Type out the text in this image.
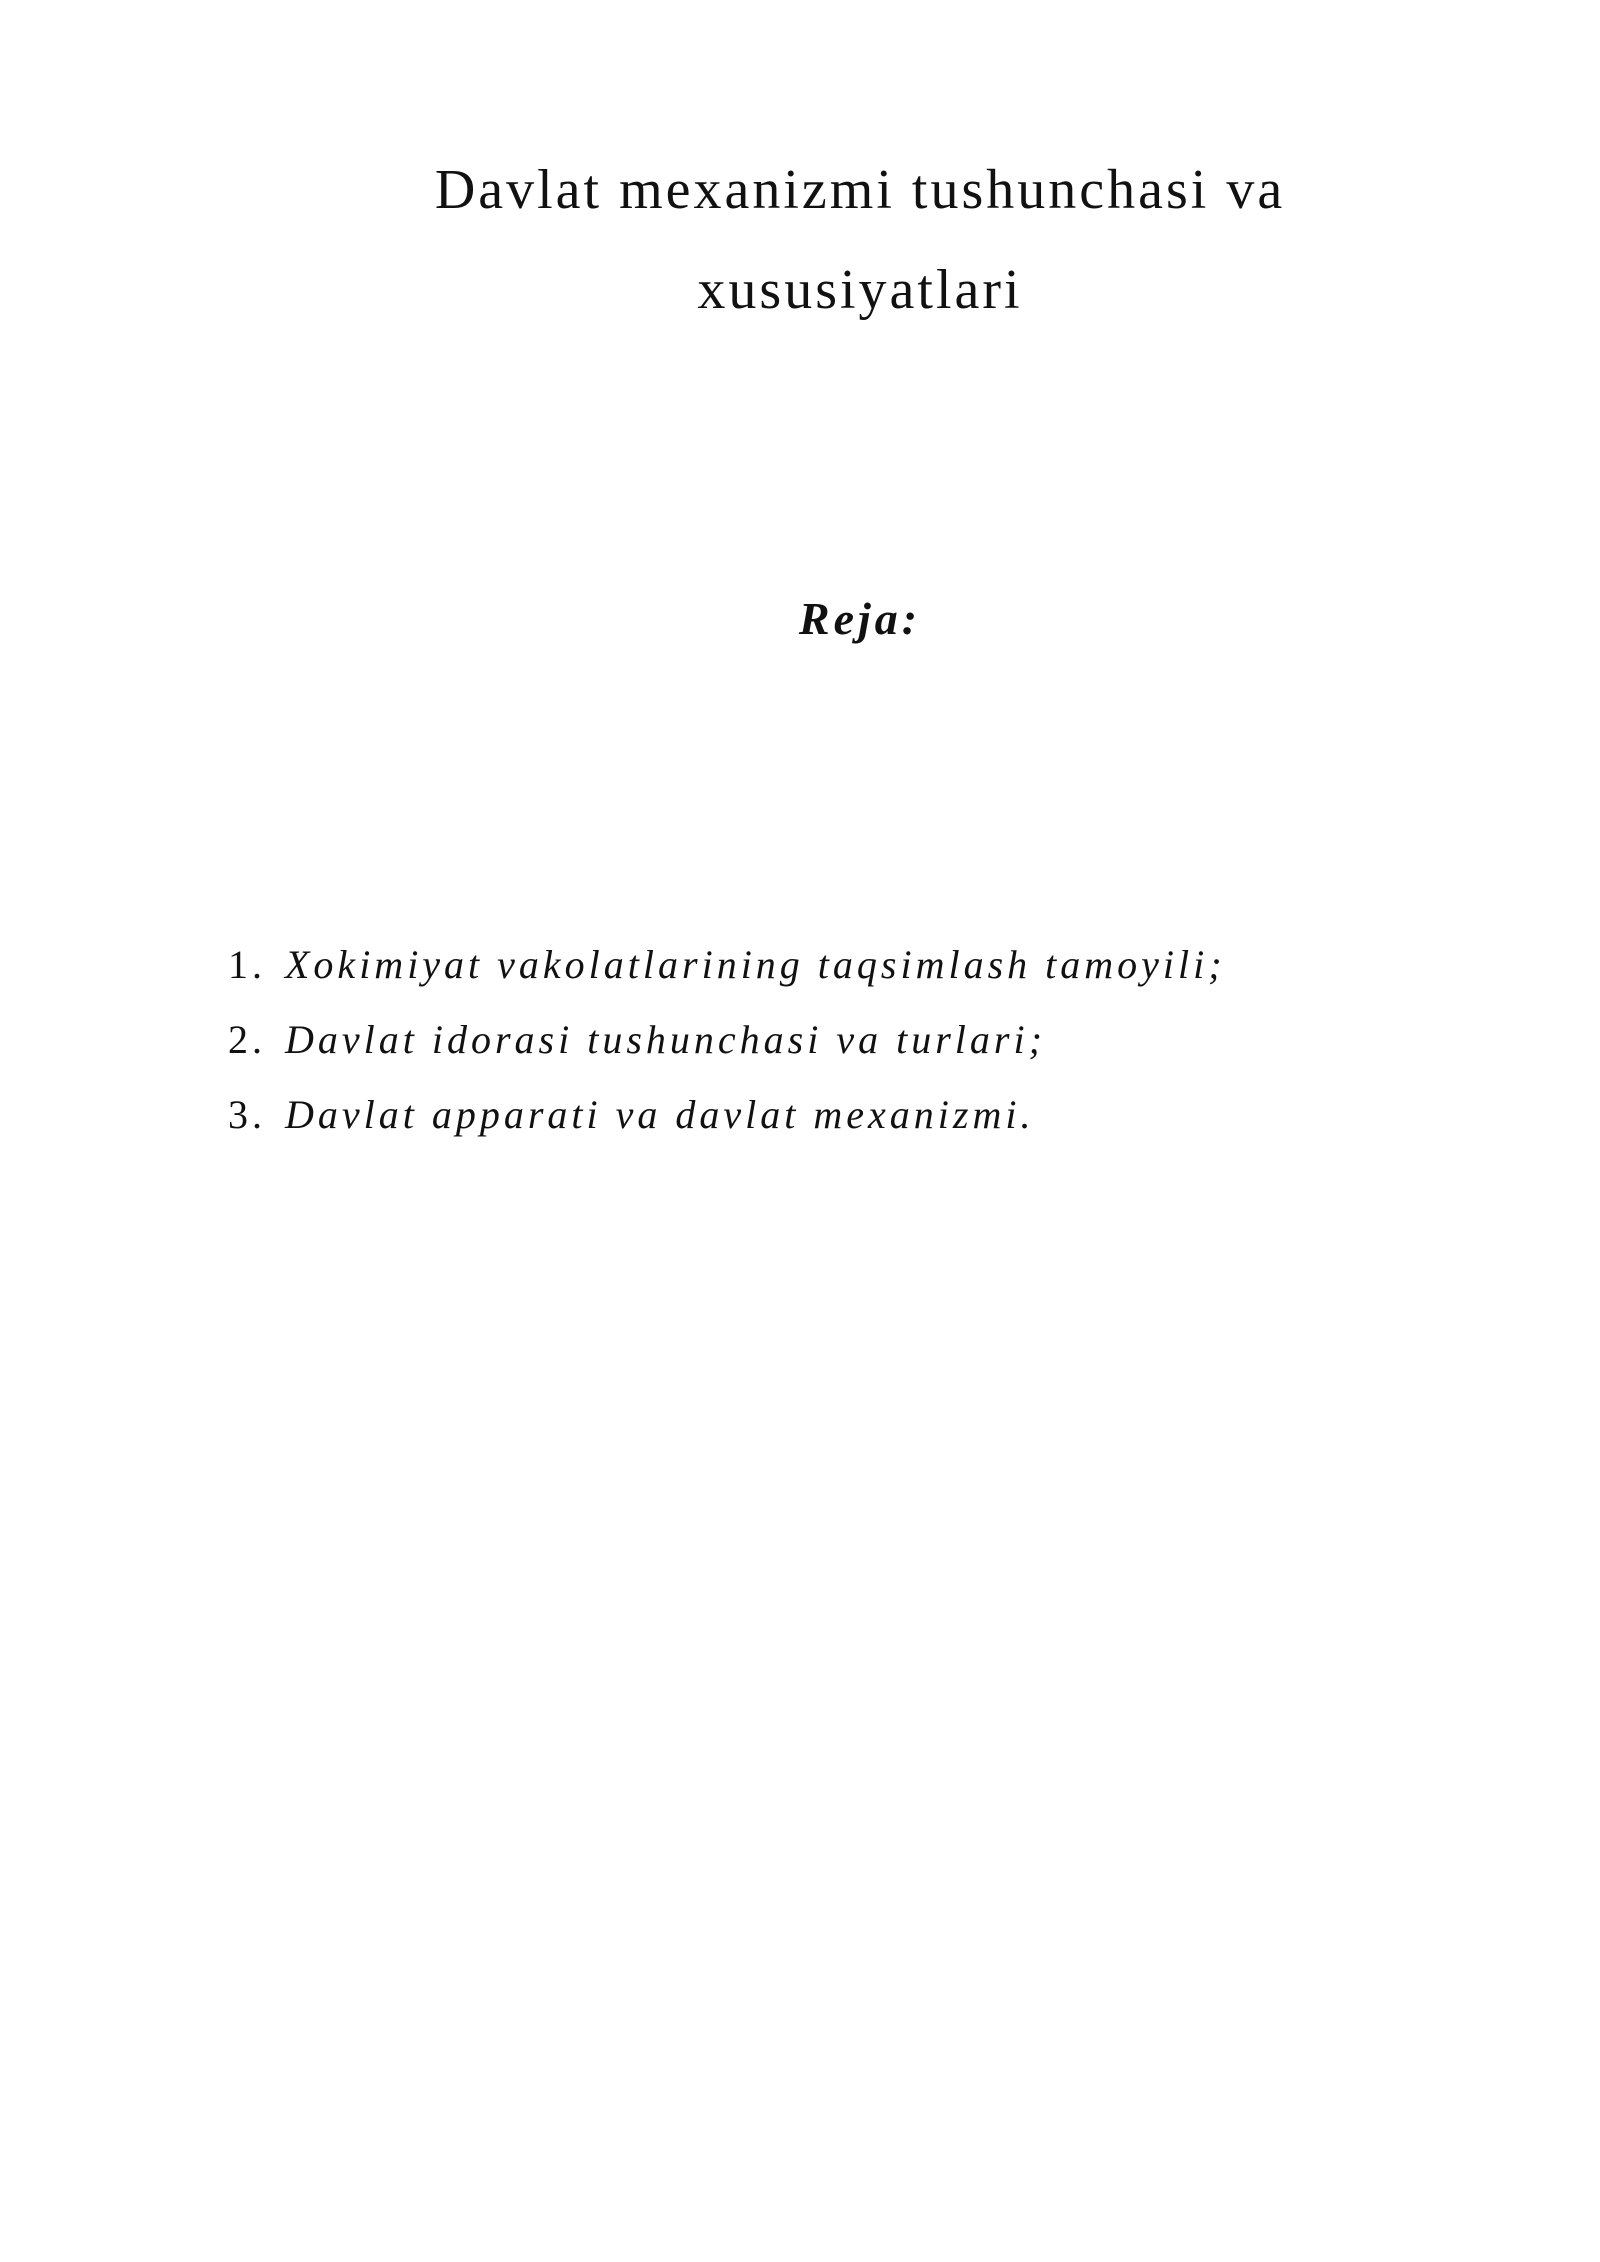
Davlat mexanizmi tushunchasi va
xususiyatlari
Reja:
1. Xokimiyat vakolatlarining taqsimlash tamoyili;
2. Davlat idorasi tushunchasi va turlari;
3. Davlat apparati va davlat mexanizmi.
